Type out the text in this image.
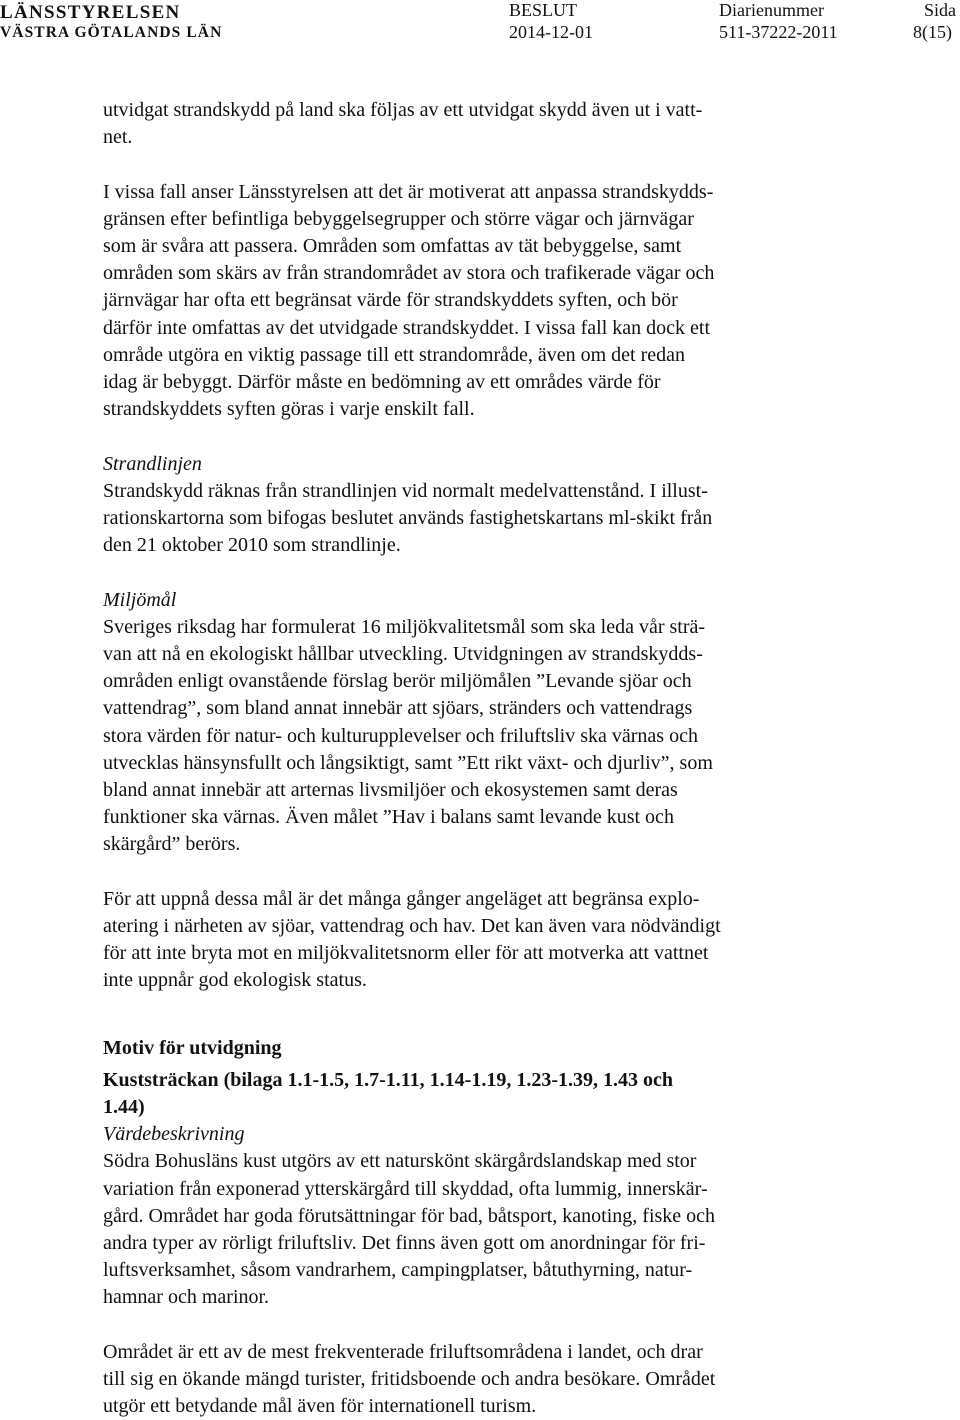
LÄNSSTYRELSEN
VÄSTRA GÖTALANDS LÄN
BESLUT
2014-12-01
Diarienummer
511-37222-2011
Sida
8(15)

utvidgat strandskydd på land ska följas av ett utvidgat skydd även ut i vatt-
net.

I vissa fall anser Länsstyrelsen att det är motiverat att anpassa strandskydds-
gränsen efter befintliga bebyggelsegrupper och större vägar och järnvägar
som är svåra att passera. Områden som omfattas av tät bebyggelse, samt
områden som skärs av från strandområdet av stora och trafikerade vägar och
järnvägar har ofta ett begränsat värde för strandskyddets syften, och bör
därför inte omfattas av det utvidgade strandskyddet. I vissa fall kan dock ett
område utgöra en viktig passage till ett strandområde, även om det redan
idag är bebyggt. Därför måste en bedömning av ett områdes värde för
strandskyddets syften göras i varje enskilt fall.

Strandlinjen
Strandskydd räknas från strandlinjen vid normalt medelvattenstånd. I illust-
rationskartorna som bifogas beslutet används fastighetskartans ml-skikt från
den 21 oktober 2010 som strandlinje.
Miljömål
Sveriges riksdag har formulerat 16 miljökvalitetsmål som ska leda vår strä-
van att nå en ekologiskt hållbar utveckling. Utvidgningen av strandskydds-
områden enligt ovanstående förslag berör miljömålen ”Levande sjöar och
vattendrag”, som bland annat innebär att sjöars, stränders och vattendrags
stora värden för natur- och kulturupplevelser och friluftsliv ska värnas och
utvecklas hänsynsfullt och långsiktigt, samt ”Ett rikt växt- och djurliv”, som
bland annat innebär att arternas livsmiljöer och ekosystemen samt deras
funktioner ska värnas. Även målet ”Hav i balans samt levande kust och
skärgård” berörs.

För att uppnå dessa mål är det många gånger angeläget att begränsa explo-
atering i närheten av sjöar, vattendrag och hav. Det kan även vara nödvändigt
för att inte bryta mot en miljökvalitetsnorm eller för att motverka att vattnet
inte uppnår god ekologisk status.

Motiv för utvidgning
Kuststräckan (bilaga 1.1-1.5, 1.7-1.11, 1.14-1.19, 1.23-1.39, 1.43 och
1.44)
Värdebeskrivning
Södra Bohusläns kust utgörs av ett naturskönt skärgårdslandskap med stor
variation från exponerad ytterskärgård till skyddad, ofta lummig, innerskär-
gård. Området har goda förutsättningar för bad, båtsport, kanoting, fiske och
andra typer av rörligt friluftsliv. Det finns även gott om anordningar för fri-
luftsverksamhet, såsom vandrarhem, campingplatser, båtuthyrning, natur-
hamnar och marinor.

Området är ett av de mest frekventerade friluftsområdena i landet, och drar
till sig en ökande mängd turister, fritidsboende och andra besökare. Området
utgör ett betydande mål även för internationell turism.
